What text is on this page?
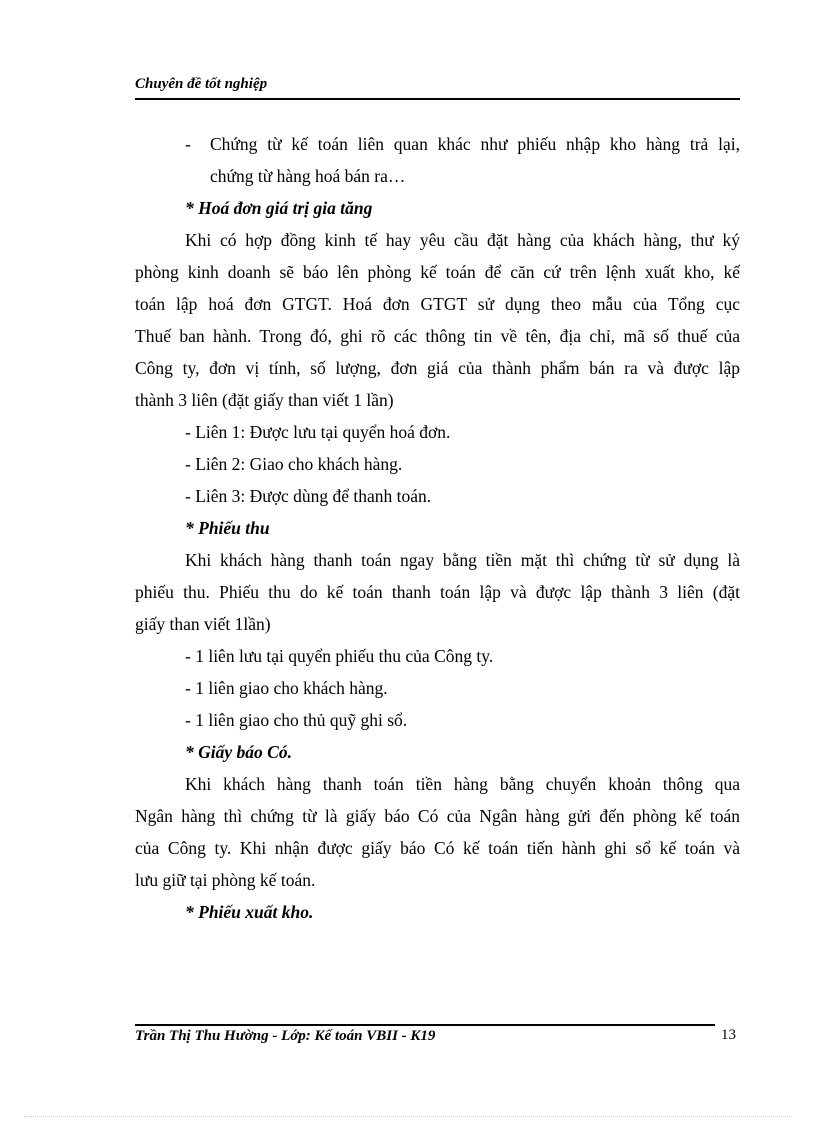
Chuyên đề tốt nghiệp
-	Chứng từ kế toán liên quan khác như phiếu nhập kho hàng trả lại,
chứng từ hàng hoá bán ra…
* Hoá đơn giá trị gia tăng
Khi có hợp đồng kinh tế hay yêu cầu đặt hàng của khách hàng, thư ký
phòng kinh doanh sẽ báo lên phòng kế toán để căn cứ trên lệnh xuất kho, kế
toán lập hoá đơn GTGT. Hoá đơn GTGT sử dụng theo mẫu của Tổng cục
Thuế ban hành. Trong đó, ghi rõ các thông tin về tên, địa chỉ, mã số thuế của
Công ty, đơn vị tính, số lượng, đơn giá của thành phẩm bán ra và được lập
thành 3 liên (đặt giấy than viết 1 lần)
- Liên 1: Được lưu tại quyển hoá đơn.
- Liên 2: Giao cho khách hàng.
- Liên 3: Được dùng để thanh toán.
* Phiếu thu
Khi khách hàng thanh toán ngay bằng tiền mặt thì chứng từ sử dụng là
phiếu thu. Phiếu thu do kế toán thanh toán lập và được lập thành 3 liên (đặt
giấy than viết 1lần)
- 1 liên lưu tại quyển phiếu thu của Công ty.
- 1 liên giao cho khách hàng.
- 1 liên giao cho thủ quỹ ghi sổ.
* Giấy báo Có.
Khi khách hàng thanh toán tiền hàng bằng chuyển khoản thông qua
Ngân hàng thì chứng từ là giấy báo Có của Ngân hàng gửi đến phòng kế toán
của Công ty. Khi nhận được giấy báo Có kế toán tiến hành ghi sổ kế toán và
lưu giữ tại phòng kế toán.
* Phiếu xuất kho.
Trần Thị Thu Hường - Lớp: Kế toán VBII - K19	13
